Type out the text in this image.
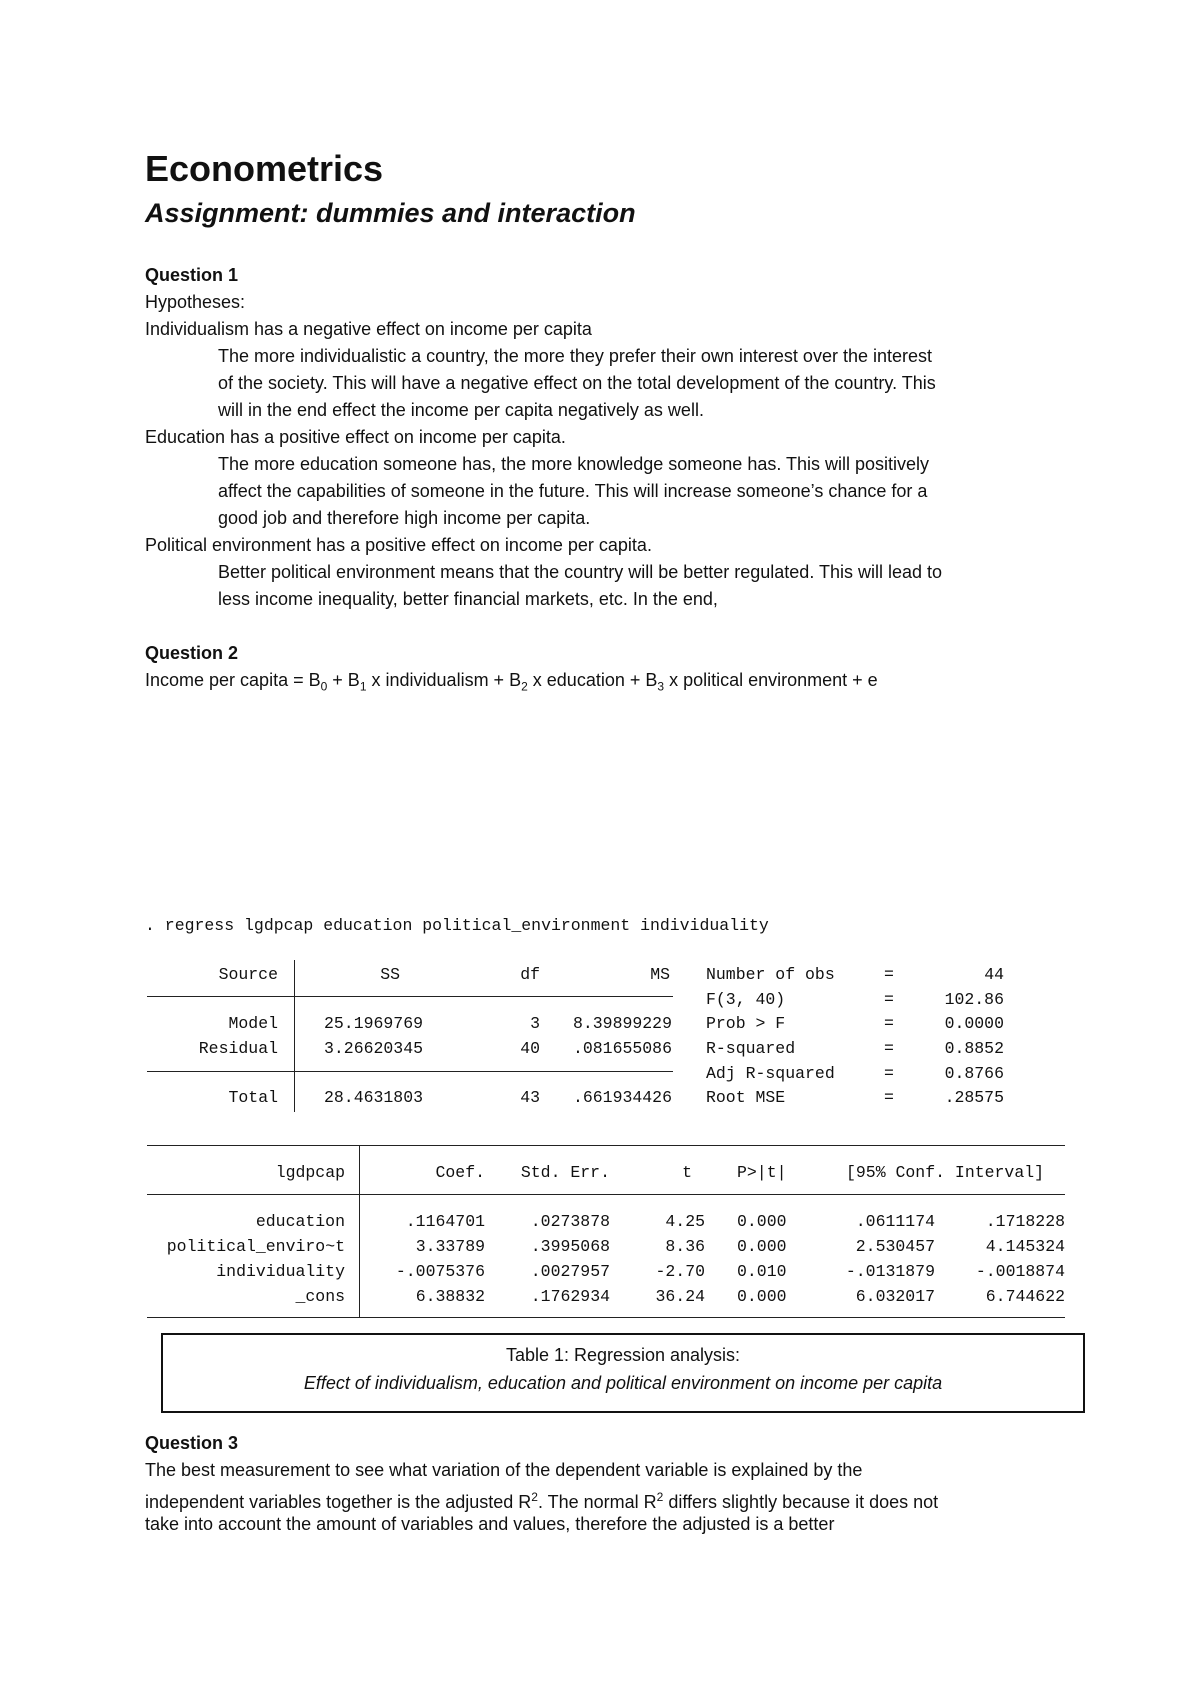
Econometrics
Assignment: dummies and interaction

Question 1

Hypotheses:

Individualism has a negative effect on income per capita

The more individualistic a country, the more they prefer their own interest over the interest

of the society. This will have a negative effect on the total development of the country. This

will in the end effect the income per capita negatively as well.

Education has a positive effect on income per capita.

The more education someone has, the more knowledge someone has. This will positively

affect the capabilities of someone in the future. This will increase someone’s chance for a

good job and therefore high income per capita.

Political environment has a positive effect on income per capita.

Better political environment means that the country will be better regulated. This will lead to

less income inequality, better financial markets, etc. In the end,

Question 2

Income per capita = $B_0 + B_1$ x individualism + $B_2$ x education + $B_3$ x political environment + e

. regress lgdpcap education political_environment individuality
Source	SS	df	MS
Model	25.1969769	3	8.39899229
Residual	3.26620345	40	.081655086
Total	28.4631803	43	.661934426
Number of obs	=	44
F(3, 40)	=	102.86
Prob > F	=	0.0000
R-squared	=	0.8852
Adj R-squared	=	0.8766
Root MSE	=	.28575
lgdpcap	Coef.	Std. Err.	t	P>|t|	[95% Conf. Interval]
education	.1164701	.0273878	4.25 0.000	.0611174	.1718228
political_enviro~t	3.33789	.3995068	8.36 0.000	2.530457	4.145324
individuality	-.0075376	.0027957	-2.70 0.010	-.0131879	-.0018874
_cons	6.38832	.1762934	36.24 0.000	6.032017	6.744622
Table 1: Regression analysis:
Effect of individualism, education and political environment on income per capita

Question 3

The best measurement to see what variation of the dependent variable is explained by the

independent variables together is the adjusted $R^2$. The normal $R^2$ differs slightly because it does not

take into account the amount of variables and values, therefore the adjusted is a better
